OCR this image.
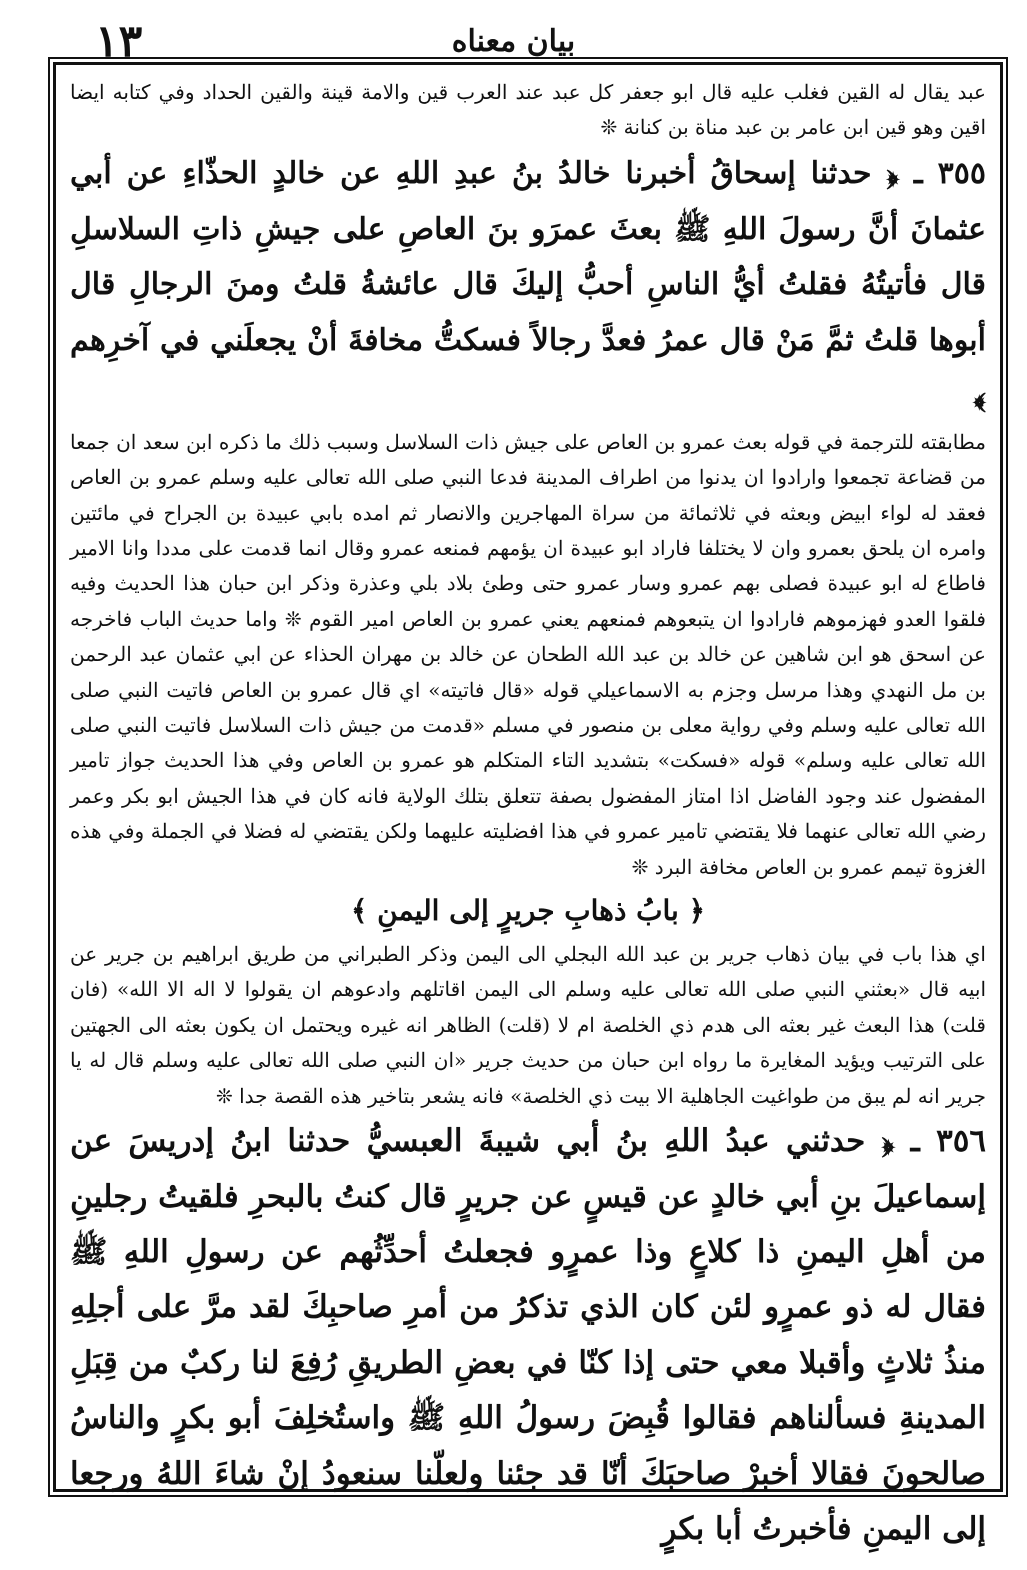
١٣	بیان معناه

عبد يقال له القين فغلب عليه قال ابو جعفر كل عبد عند العرب قين والامة قينة والقين الحداد وفي كتابه ايضا اقين وهو قين ابن عامر بن عبد مناة بن كنانة ❊

٣٥٥ ـ ﴿ حدثنا إسحاقُ أخبرنا خالدُ بنُ عبدِ اللهِ عن خالدٍ الحذّاءِ عن أبي عثمانَ أنَّ رسولَ اللهِ ﷺ بعثَ عمرَو بنَ العاصِ على جيشِ ذاتِ السلاسلِ قال فأتيتُهُ فقلتُ أيُّ الناسِ أحبُّ إليكَ قال عائشةُ قلتُ ومنَ الرجالِ قال أبوها قلتُ ثمَّ مَنْ قال عمرُ فعدَّ رجالاً فسكتُّ مخافةَ أنْ يجعلَني في آخرِهم ﴾

مطابقته للترجمة في قوله بعث عمرو بن العاص على جيش ذات السلاسل وسبب ذلك ما ذكره ابن سعد ان جمعا من قضاعة تجمعوا وارادوا ان يدنوا من اطراف المدينة فدعا النبي صلى الله تعالى عليه وسلم عمرو بن العاص فعقد له لواء ابيض وبعثه في ثلاثمائة من سراة المهاجرين والانصار ثم امده بابي عبيدة بن الجراح في مائتين وامره ان يلحق بعمرو وان لا يختلفا فاراد ابو عبيدة ان يؤمهم فمنعه عمرو وقال انما قدمت على مددا وانا الامير فاطاع له ابو عبيدة فصلى بهم عمرو وسار عمرو حتى وطئ بلاد بلي وعذرة وذكر ابن حبان هذا الحديث وفيه فلقوا العدو فهزموهم فارادوا ان يتبعوهم فمنعهم يعني عمرو بن العاص امير القوم ❊ واما حديث الباب فاخرجه عن اسحق هو ابن شاهين عن خالد بن عبد الله الطحان عن خالد بن مهران الحذاء عن ابي عثمان عبد الرحمن بن مل النهدي وهذا مرسل وجزم به الاسماعيلي قوله «قال فاتيته» اي قال عمرو بن العاص فاتيت النبي صلى الله تعالى عليه وسلم وفي رواية معلى بن منصور في مسلم «قدمت من جيش ذات السلاسل فاتيت النبي صلى الله تعالى عليه وسلم» قوله «فسكت» بتشديد التاء المتكلم هو عمرو بن العاص وفي هذا الحديث جواز تامير المفضول عند وجود الفاضل اذا امتاز المفضول بصفة تتعلق بتلك الولاية فانه كان في هذا الجيش ابو بكر وعمر رضي الله تعالى عنهما فلا يقتضي تامير عمرو في هذا افضليته عليهما ولكن يقتضي له فضلا في الجملة وفي هذه الغزوة تيمم عمرو بن العاص مخافة البرد ❊

﴿ بابُ ذهابِ جريرٍ إلى اليمنِ ﴾

اي هذا باب في بيان ذهاب جرير بن عبد الله البجلي الى اليمن وذكر الطبراني من طريق ابراهيم بن جرير عن ابيه قال «بعثني النبي صلى الله تعالى عليه وسلم الى اليمن اقاتلهم وادعوهم ان يقولوا لا اله الا الله» (فان قلت) هذا البعث غير بعثه الى هدم ذي الخلصة ام لا (قلت) الظاهر انه غيره ويحتمل ان يكون بعثه الى الجهتين على الترتيب ويؤيد المغايرة ما رواه ابن حبان من حديث جرير «ان النبي صلى الله تعالى عليه وسلم قال له يا جرير انه لم يبق من طواغيت الجاهلية الا بيت ذي الخلصة» فانه يشعر بتاخير هذه القصة جدا ❊

٣٥٦ ـ ﴿ حدثني عبدُ اللهِ بنُ أبي شيبةَ العبسيُّ حدثنا ابنُ إدريسَ عن إسماعيلَ بنِ أبي خالدٍ عن قيسٍ عن جريرٍ قال كنتُ بالبحرِ فلقيتُ رجلينِ من أهلِ اليمنِ ذا كلاعٍ وذا عمرٍو فجعلتُ أحدِّثُهم عن رسولِ اللهِ ﷺ فقال له ذو عمرٍو لئن كان الذي تذكرُ من أمرِ صاحبِكَ لقد مرَّ على أجلِهِ منذُ ثلاثٍ وأقبلا معي حتى إذا كنّا في بعضِ الطريقِ رُفِعَ لنا ركبٌ من قِبَلِ المدينةِ فسألناهم فقالوا قُبِضَ رسولُ اللهِ ﷺ واستُخلِفَ أبو بكرٍ والناسُ صالحونَ فقالا أخبرْ صاحبَكَ أنّا قد جئنا ولعلّنا سنعودُ إنْ شاءَ اللهُ ورجعا إلى اليمنِ فأخبرتُ أبا بكرٍ
